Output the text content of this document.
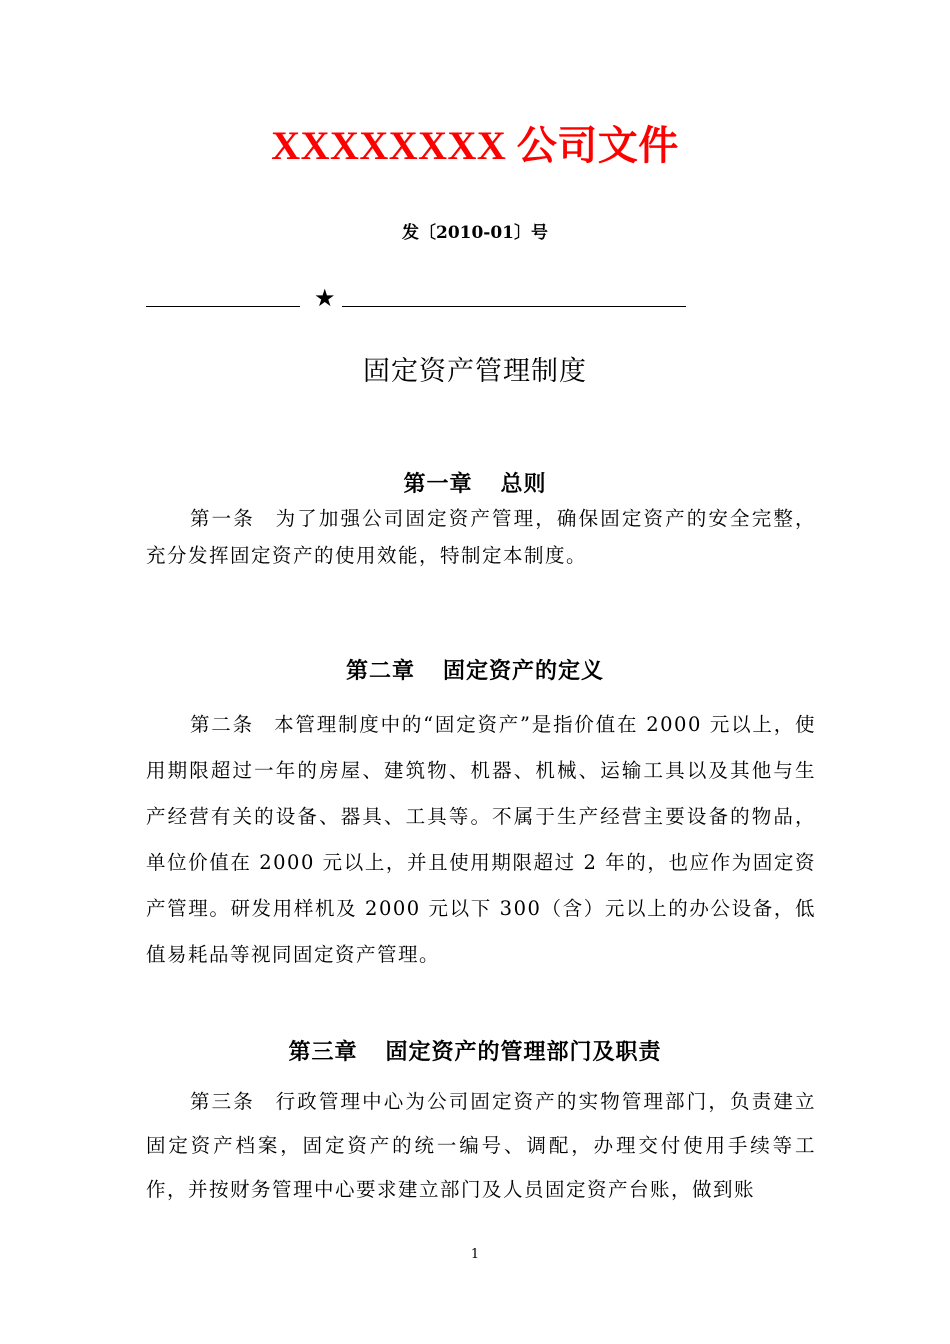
XXXXXXXX 公司文件
发〔2010-01〕号
★
固定资产管理制度
第一章 总则
第一条 为了加强公司固定资产管理，确保固定资产的安全完整，充分发挥固定资产的使用效能，特制定本制度。
第二章 固定资产的定义
第二条 本管理制度中的“固定资产”是指价值在 2000 元以上，使用期限超过一年的房屋、建筑物、机器、机械、运输工具以及其他与生产经营有关的设备、器具、工具等。不属于生产经营主要设备的物品，单位价值在 2000 元以上，并且使用期限超过 2 年的，也应作为固定资产管理。研发用样机及 2000 元以下 300（含）元以上的办公设备，低值易耗品等视同固定资产管理。
第三章 固定资产的管理部门及职责
第三条 行政管理中心为公司固定资产的实物管理部门，负责建立固定资产档案，固定资产的统一编号、调配，办理交付使用手续等工作，并按财务管理中心要求建立部门及人员固定资产台账，做到账
1
